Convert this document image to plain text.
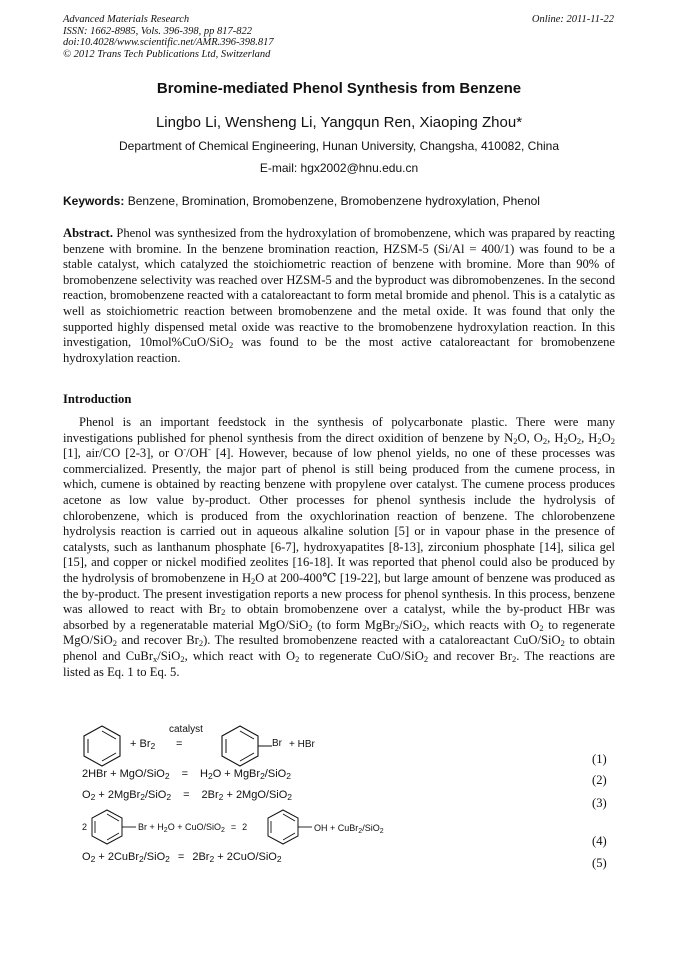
Advanced Materials Research
ISSN: 1662-8985, Vols. 396-398, pp 817-822
doi:10.4028/www.scientific.net/AMR.396-398.817
© 2012 Trans Tech Publications Ltd, Switzerland
Online: 2011-11-22
Bromine-mediated Phenol Synthesis from Benzene
Lingbo Li, Wensheng Li, Yangqun Ren, Xiaoping Zhou*
Department of Chemical Engineering, Hunan University, Changsha, 410082, China
E-mail: hgx2002@hnu.edu.cn
Keywords: Benzene, Bromination, Bromobenzene, Bromobenzene hydroxylation, Phenol
Abstract. Phenol was synthesized from the hydroxylation of bromobenzene, which was prapared by reacting benzene with bromine. In the benzene bromination reaction, HZSM-5 (Si/Al = 400/1) was found to be a stable catalyst, which catalyzed the stoichiometric reaction of benzene with bromine. More than 90% of bromobenzene selectivity was reached over HZSM-5 and the byproduct was dibromobenzenes. In the second reaction, bromobenzene reacted with a cataloreactant to form metal bromide and phenol. This is a catalytic as well as stoichiometric reaction between bromobenzene and the metal oxide. It was found that only the supported highly dispensed metal oxide was reactive to the bromobenzene hydroxylation reaction. In this investigation, 10mol%CuO/SiO$_2$ was found to be the most active cataloreactant for bromobenzene hydroxylation reaction.
Introduction
Phenol is an important feedstock in the synthesis of polycarbonate plastic. There were many investigations published for phenol synthesis from the direct oxidition of benzene by $N_2O$, $O_2$, $H_2O_2$, $H_2O_2$ [1], air/CO [2-3], or O-/OH- [4]. However, because of low phenol yields, no one of these processes was commercialized. Presently, the major part of phenol is still being produced from the cumene process, in which, cumene is obtained by reacting benzene with propylene over catalyst. The cumene process produces acetone as low value by-product. Other processes for phenol synthesis include the hydrolysis of chlorobenzene, which is produced from the oxychlorination reaction of benzene. The chlorobenzene hydrolysis reaction is carried out in aqueous alkaline solution [5] or in vapour phase in the presence of catalysts, such as lanthanum phosphate [6-7], hydroxyapatites [8-13], zirconium phosphate [14], silica gel [15], and copper or nickel modified zeolites [16-18]. It was reported that phenol could also be produced by the hydrolysis of bromobenzene in $H_2O$ at 200-400℃ [19-22], but large amount of benzene was produced as the by-product. The present investigation reports a new process for phenol synthesis. In this process, benzene was allowed to react with $Br_2$ to obtain bromobenzene over a catalyst, while the by-product HBr was absorbed by a regeneratable material MgO/SiO$_2$ (to form MgBr$_2$/SiO$_2$, which reacts with $O_2$ to regenerate MgO/SiO$_2$ and recover $Br_2$). The resulted bromobenzene reacted with a cataloreactant CuO/SiO$_2$ to obtain phenol and CuBr$_x$/SiO$_2$, which react with $O_2$ to regenerate CuO/SiO$_2$ and recover $Br_2$. The reactions are listed as Eq. 1 to Eq. 5.
+ $Br_2$
catalyst
=	Br + HBr
(1)
$2HBr + MgO/SiO_2 = H_2O$ + MgBr$_2$/SiO$_2$	(2)
$O_2$ + 2MgBr$_2$/SiO$_2$ = $2Br_2 + 2MgO/SiO_2$	(3)
2	$Br + H_2O + CuO/SiO_2 = 2$	OH + CuBr$_2$/SiO$_2$
(4)
$O_2$ + 2CuBr$_2$/SiO$_2$ = $2Br_2 + 2CuO/SiO_2$	(5)
